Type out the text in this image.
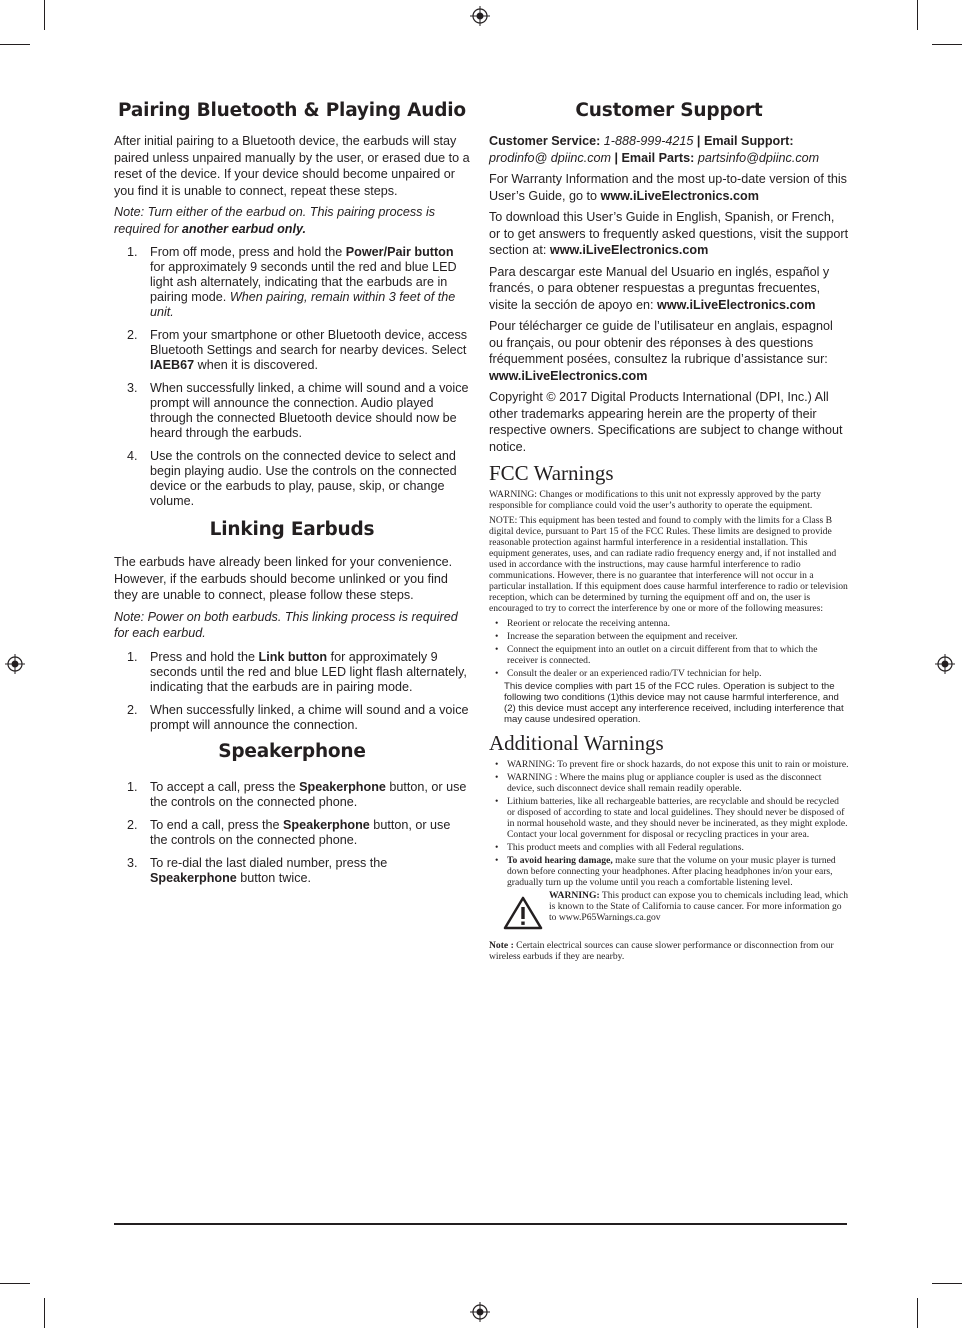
Pairing Bluetooth & Playing Audio

After initial pairing to a Bluetooth device, the earbuds will stay paired unless unpaired manually by the user, or erased due to a reset of the device. If your device should become unpaired or you find it is unable to connect, repeat these steps.

Note: Turn either of the earbud on. This pairing process is required for another earbud only.

1. From off mode, press and hold the Power/Pair button for approximately 9 seconds until the red and blue LED light ash alternately, indicating that the earbuds are in pairing mode. When pairing, remain within 3 feet of the unit.
2. From your smartphone or other Bluetooth device, access Bluetooth Settings and search for nearby devices. Select IAEB67 when it is discovered.
3. When successfully linked, a chime will sound and a voice prompt will announce the connection. Audio played through the connected Bluetooth device should now be heard through the earbuds.
4. Use the controls on the connected device to select and begin playing audio. Use the controls on the connected device or the earbuds to play, pause, skip, or change volume.
Linking Earbuds

The earbuds have already been linked for your convenience. However, if the earbuds should become unlinked or you find they are unable to connect, please follow these steps.

Note: Power on both earbuds. This linking process is required for each earbud.

1. Press and hold the Link button for approximately 9 seconds until the red and blue LED light flash alternately, indicating that the earbuds are in pairing mode.
2. When successfully linked, a chime will sound and a voice prompt will announce the connection.
Speakerphone
1. To accept a call, press the Speakerphone button, or use the controls on the connected phone.
2. To end a call, press the Speakerphone button, or use the controls on the connected phone.
3. To re-dial the last dialed number, press the Speakerphone button twice.
Customer Support

Customer Service: 1-888-999-4215 | Email Support: prodinfo@ dpiinc.com | Email Parts: partsinfo@dpiinc.com

For Warranty Information and the most up-to-date version of this User’s Guide, go to www.iLiveElectronics.com

To download this User’s Guide in English, Spanish, or French, or to get answers to frequently asked questions, visit the support section at: www.iLiveElectronics.com

Para descargar este Manual del Usuario en inglés, español y francés, o para obtener respuestas a preguntas frecuentes, visite la sección de apoyo en: www.iLiveElectronics.com

Pour télécharger ce guide de l’utilisateur en anglais, espagnol ou français, ou pour obtenir des réponses à des questions fréquemment posées, consultez la rubrique d’assistance sur: www.iLiveElectronics.com

Copyright © 2017 Digital Products International (DPI, Inc.) All other trademarks appearing herein are the property of their respective owners. Specifications are subject to change without notice.

FCC Warnings

WARNING: Changes or modifications to this unit not expressly approved by the party responsible for compliance could void the user’s authority to operate the equipment.

NOTE: This equipment has been tested and found to comply with the limits for a Class B digital device, pursuant to Part 15 of the FCC Rules. These limits are designed to provide reasonable protection against harmful interference in a residential installation. This equipment generates, uses, and can radiate radio frequency energy and, if not installed and used in accordance with the instructions, may cause harmful interference to radio communications. However, there is no guarantee that interference will not occur in a particular installation. If this equipment does cause harmful interference to radio or television reception, which can be determined by turning the equipment off and on, the user is encouraged to try to correct the interference by one or more of the following measures:

• Reorient or relocate the receiving antenna.
• Increase the separation between the equipment and receiver.
• Connect the equipment into an outlet on a circuit different from that to which the receiver is connected.
• Consult the dealer or an experienced radio/TV technician for help.

This device complies with part 15 of the FCC rules. Operation is subject to the following two conditions (1)this device may not cause harmful interference, and (2) this device must accept any interference received, including interference that may cause undesired operation.

Additional Warnings
• WARNING: To prevent fire or shock hazards, do not expose this unit to rain or moisture.
• WARNING : Where the mains plug or appliance coupler is used as the disconnect device, such disconnect device shall remain readily operable.
• Lithium batteries, like all rechargeable batteries, are recyclable and should be recycled or disposed of according to state and local guidelines. They should never be disposed of in normal household waste, and they should never be incinerated, as they might explode. Contact your local government for disposal or recycling practices in your area.
• This product meets and complies with all Federal regulations.
• To avoid hearing damage, make sure that the volume on your music player is turned down before connecting your headphones. After placing headphones in/on your ears, gradually turn up the volume until you reach a comfortable listening level.

WARNING: This product can expose you to chemicals including lead, which is known to the State of California to cause cancer. For more information go to www.P65Warnings.ca.gov

Note : Certain electrical sources can cause slower performance or disconnection from our wireless earbuds if they are nearby.
